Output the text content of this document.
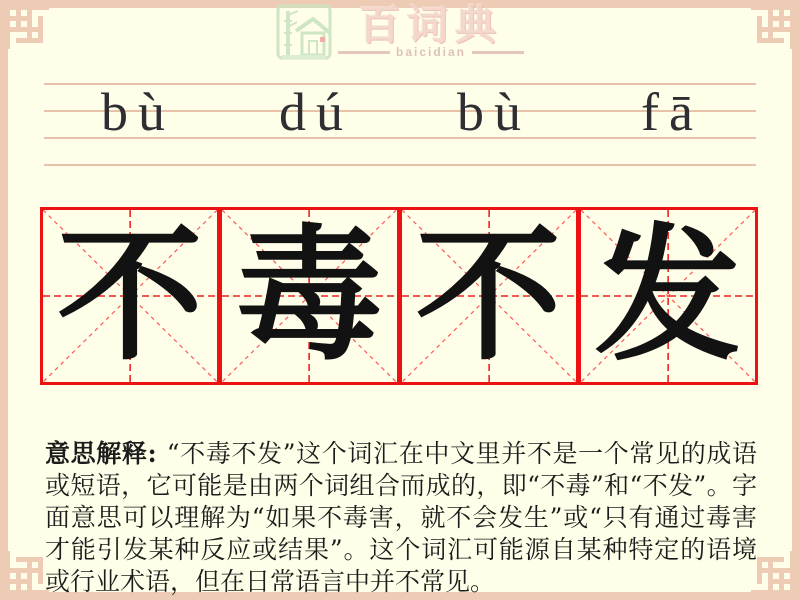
百词典
baicidian
bù	dú	bù	fā
不 毒 不 发

意思解释: “不毒不发”这个词汇在中文里并不是一个常见的成语或短语，它可能是由两个词组合而成的，即“不毒”和“不发”。字面意思可以理解为“如果不毒害，就不会发生”或“只有通过毒害才能引发某种反应或结果”。这个词汇可能源自某种特定的语境或行业术语，但在日常语言中并不常见。
